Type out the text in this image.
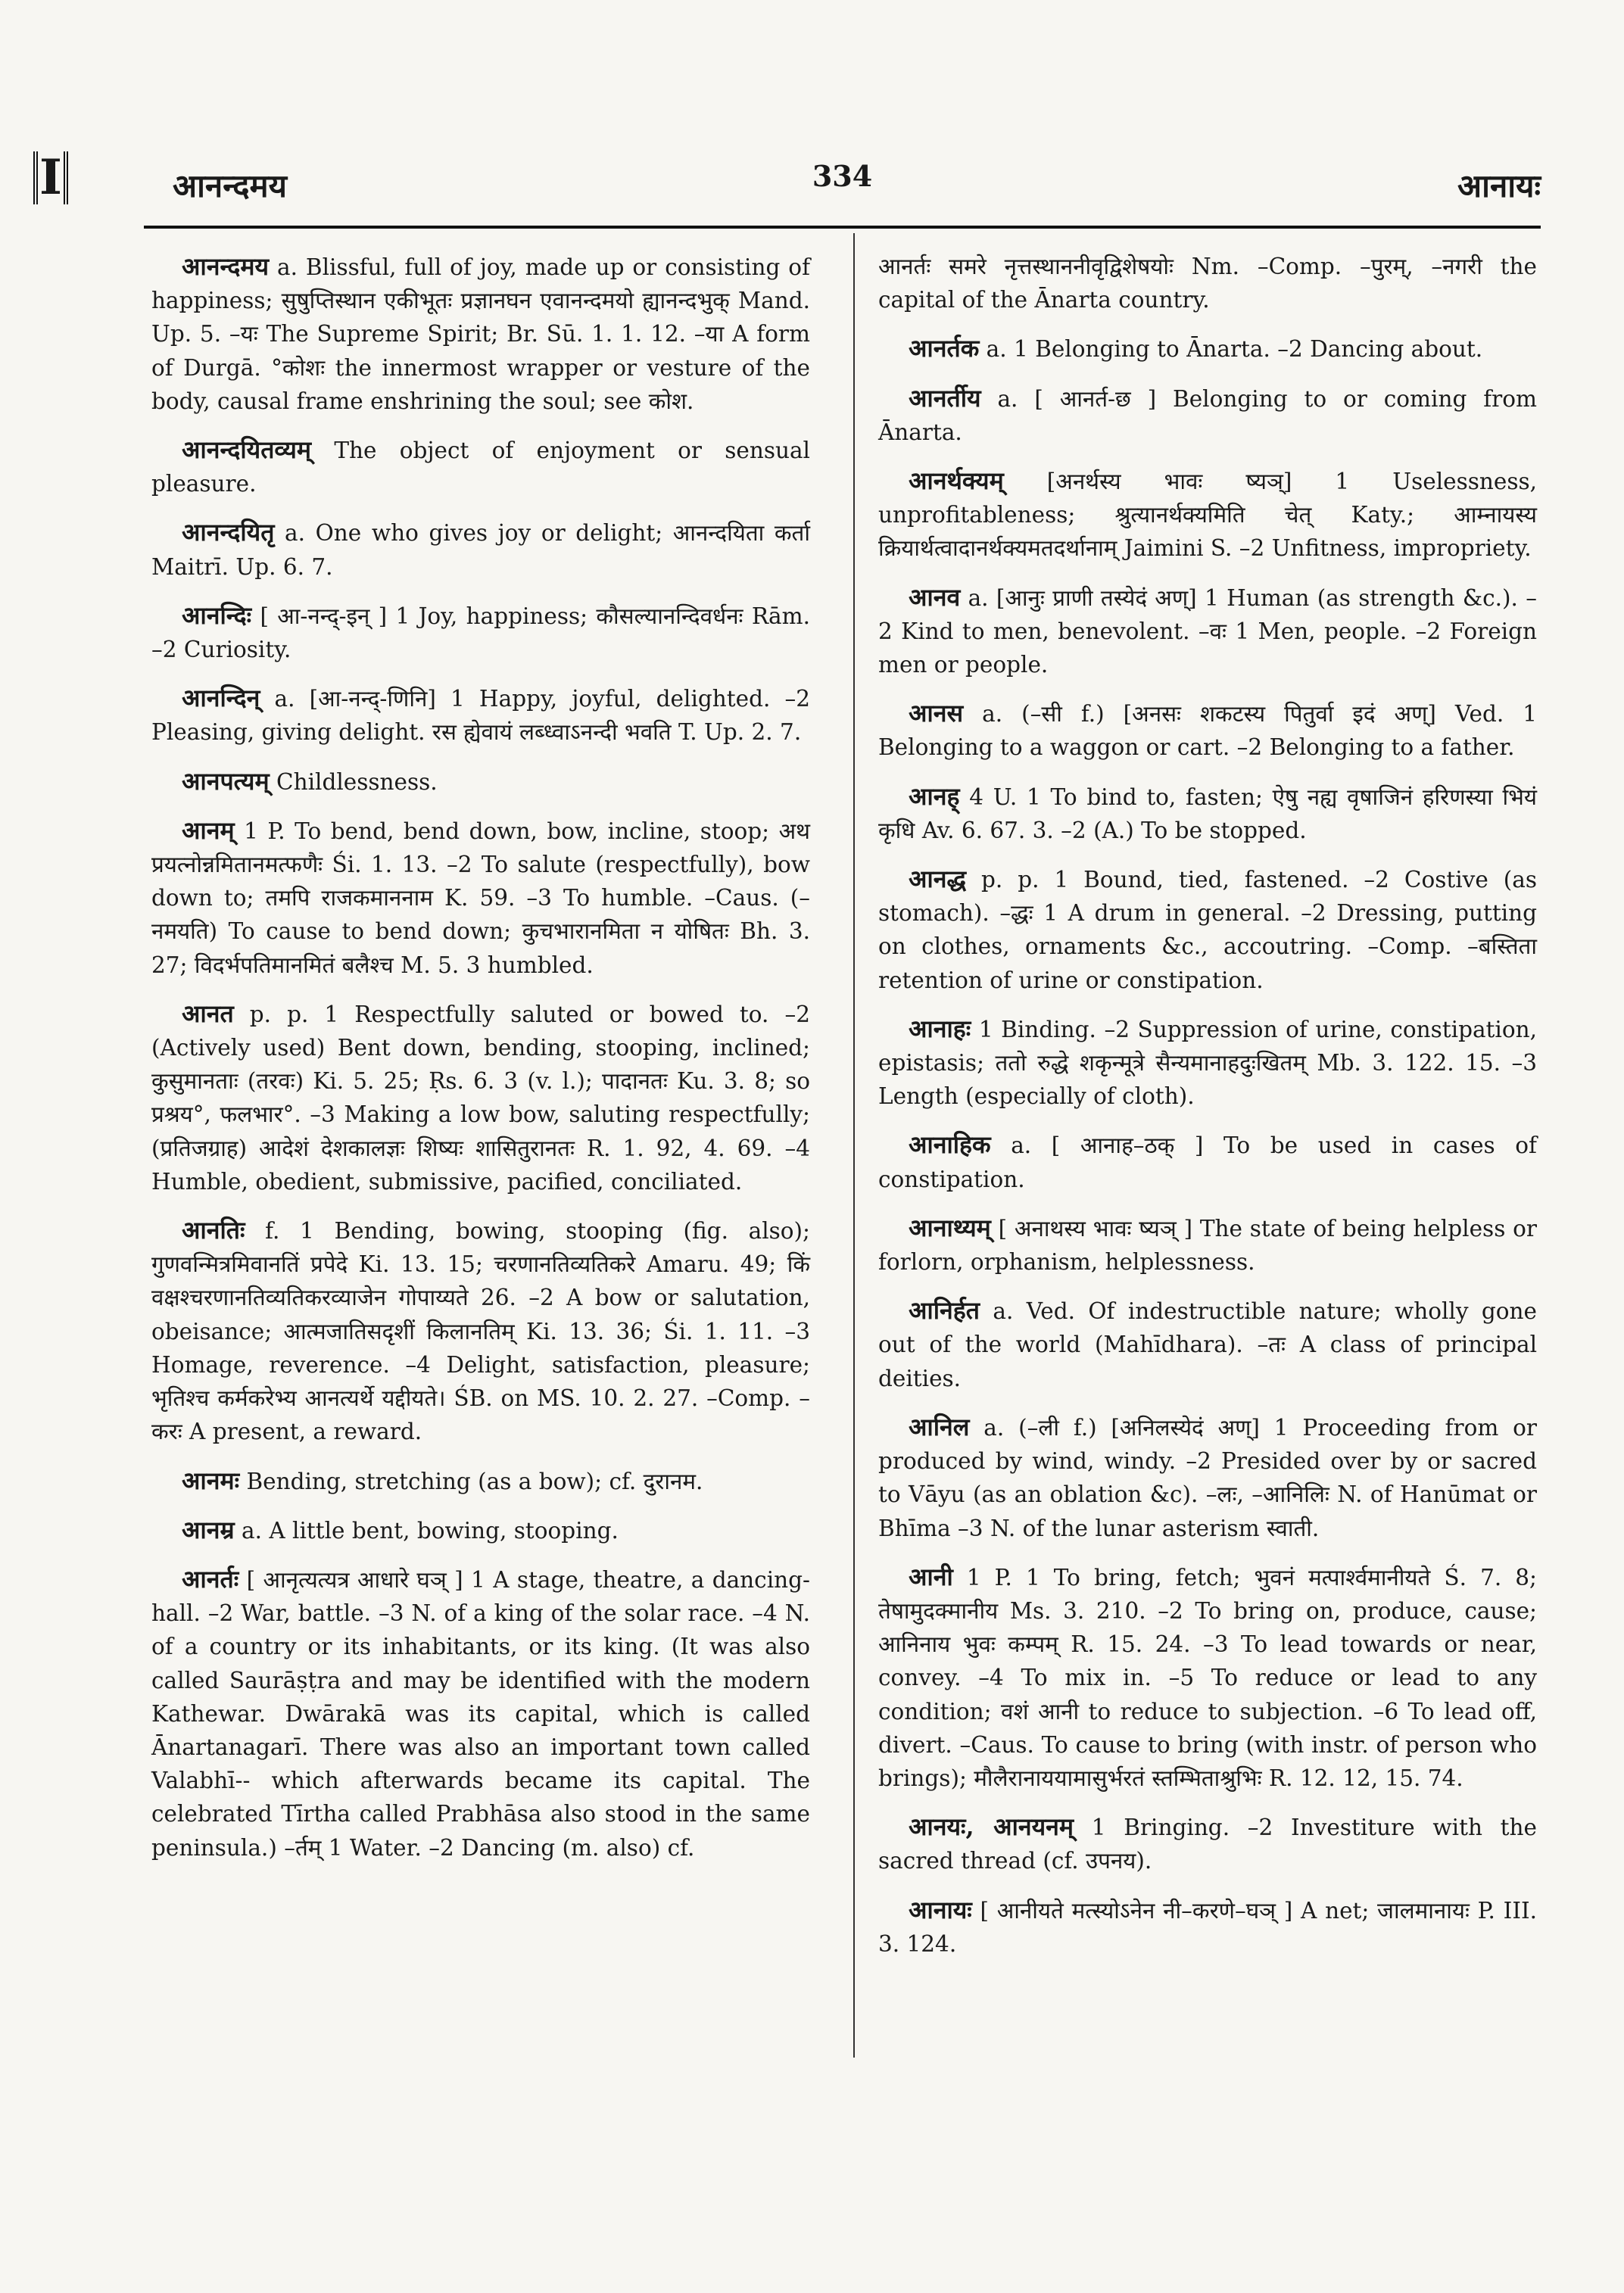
I	आनन्दमय	334	आनायः

आनन्दमय a. Blissful, full of joy, made up or consisting of happiness; सुषुप्तिस्थान एकीभूतः प्रज्ञानघन एवानन्दमयो ह्यानन्दभुक् Mand. Up. 5. –यः The Supreme Spirit; Br. Sū. 1. 1. 12. –या A form of Durgā. °कोशः the innermost wrapper or vesture of the body, causal frame enshrining the soul; see कोश.

आनन्दयितव्यम् The object of enjoyment or sensual pleasure.

आनन्दयितृ a. One who gives joy or delight; आनन्दयिता कर्ता Maitrī. Up. 6. 7.

आनन्दिः [ आ-नन्द्-इन् ] 1 Joy, happiness; कौसल्यानन्दिवर्धनः Rām. –2 Curiosity.

आनन्दिन् a. [आ-नन्द्-णिनि] 1 Happy, joyful, delighted. –2 Pleasing, giving delight. रस ह्येवायं लब्ध्वाऽनन्दी भवति T. Up. 2. 7.

आनपत्यम् Childlessness.

आनम् 1 P. To bend, bend down, bow, incline, stoop; अथ प्रयत्नोन्नमितानमत्फणैः Śi. 1. 13. –2 To salute (respectfully), bow down to; तमपि राजकमाननाम K. 59. –3 To humble. –Caus. (–नमयति) To cause to bend down; कुचभारानमिता न योषितः Bh. 3. 27; विदर्भपतिमानमितं बलैश्च M. 5. 3 humbled.

आनत p. p. 1 Respectfully saluted or bowed to. –2 (Actively used) Bent down, bending, stooping, inclined; कुसुमानताः (तरवः) Ki. 5. 25; Ṛs. 6. 3 (v. l.); पादानतः Ku. 3. 8; so प्रश्रय°, फलभार°. –3 Making a low bow, saluting respectfully; (प्रतिजग्राह) आदेशं देशकालज्ञः शिष्यः शासितुरानतः R. 1. 92, 4. 69. –4 Humble, obedient, submissive, pacified, conciliated.

आनतिः f. 1 Bending, bowing, stooping (fig. also); गुणवन्मित्रमिवानतिं प्रपेदे Ki. 13. 15; चरणानतिव्यतिकरे Amaru. 49; किं वक्षश्चरणानतिव्यतिकरव्याजेन गोपाय्यते 26. –2 A bow or salutation, obeisance; आत्मजातिसदृशीं किलानतिम् Ki. 13. 36; Śi. 1. 11. –3 Homage, reverence. –4 Delight, satisfaction, pleasure; भृतिश्च कर्मकरेभ्य आनत्यर्थे यद्दीयते। ŚB. on MS. 10. 2. 27. –Comp. –करः A present, a reward.

आनमः Bending, stretching (as a bow); cf. दुरानम.

आनम्र a. A little bent, bowing, stooping.

आनर्तः [ आनृत्यत्यत्र आधारे घञ् ] 1 A stage, theatre, a dancing-hall. –2 War, battle. –3 N. of a king of the solar race. –4 N. of a country or its inhabitants, or its king. (It was also called Saurāṣṭra and may be identified with the modern Kathewar. Dwārakā was its capital, which is called Ānartanagarī. There was also an important town called Valabhī-- which afterwards became its capital. The celebrated Tīrtha called Prabhāsa also stood in the same peninsula.) –र्तम् 1 Water. –2 Dancing (m. also) cf.

आनर्तः समरे नृत्तस्थाननीवृद्विशेषयोः Nm. –Comp. –पुरम्, –नगरी the capital of the Ānarta country.

आनर्तक a. 1 Belonging to Ānarta. –2 Dancing about.

आनर्तीय a. [ आनर्त-छ ] Belonging to or coming from Ānarta.

आनर्थक्यम् [अनर्थस्य भावः ष्यञ्] 1 Uselessness, unprofitableness; श्रुत्यानर्थक्यमिति चेत् Katy.; आम्नायस्य क्रियार्थत्वादानर्थक्यमतदर्थानाम् Jaimini S. –2 Unfitness, impropriety.

आनव a. [आनुः प्राणी तस्येदं अण्] 1 Human (as strength &c.). –2 Kind to men, benevolent. –वः 1 Men, people. –2 Foreign men or people.

आनस a. (–सी f.) [अनसः शकटस्य पितुर्वा इदं अण्] Ved. 1 Belonging to a waggon or cart. –2 Belonging to a father.

आनह् 4 U. 1 To bind to, fasten; ऐषु नह्य वृषाजिनं हरिणस्या भियं कृधि Av. 6. 67. 3. –2 (A.) To be stopped.

आनद्ध p. p. 1 Bound, tied, fastened. –2 Costive (as stomach). –द्धः 1 A drum in general. –2 Dressing, putting on clothes, ornaments &c., accoutring. –Comp. –बस्तिता retention of urine or constipation.

आनाहः 1 Binding. –2 Suppression of urine, constipation, epistasis; ततो रुद्धे शकृन्मूत्रे सैन्यमानाहदुःखितम् Mb. 3. 122. 15. –3 Length (especially of cloth).

आनाहिक a. [ आनाह–ठक् ] To be used in cases of constipation.

आनाथ्यम् [ अनाथस्य भावः ष्यञ् ] The state of being helpless or forlorn, orphanism, helplessness.

आनिर्हत a. Ved. Of indestructible nature; wholly gone out of the world (Mahīdhara). –तः A class of principal deities.

आनिल a. (–ली f.) [अनिलस्येदं अण्] 1 Proceeding from or produced by wind, windy. –2 Presided over by or sacred to Vāyu (as an oblation &c). –लः, –आनिलिः N. of Hanūmat or Bhīma –3 N. of the lunar asterism स्वाती.

आनी 1 P. 1 To bring, fetch; भुवनं मत्पार्श्वमानीयते Ś. 7. 8; तेषामुदक्मानीय Ms. 3. 210. –2 To bring on, produce, cause; आनिनाय भुवः कम्पम् R. 15. 24. –3 To lead towards or near, convey. –4 To mix in. –5 To reduce or lead to any condition; वशं आनी to reduce to subjection. –6 To lead off, divert. –Caus. To cause to bring (with instr. of person who brings); मौलैरानाययामासुर्भरतं स्तम्भिताश्रुभिः R. 12. 12, 15. 74.

आनयः, आनयनम् 1 Bringing. –2 Investiture with the sacred thread (cf. उपनय).

आनायः [ आनीयते मत्स्योऽनेन नी–करणे–घञ् ] A net; जालमानायः P. III. 3. 124.
